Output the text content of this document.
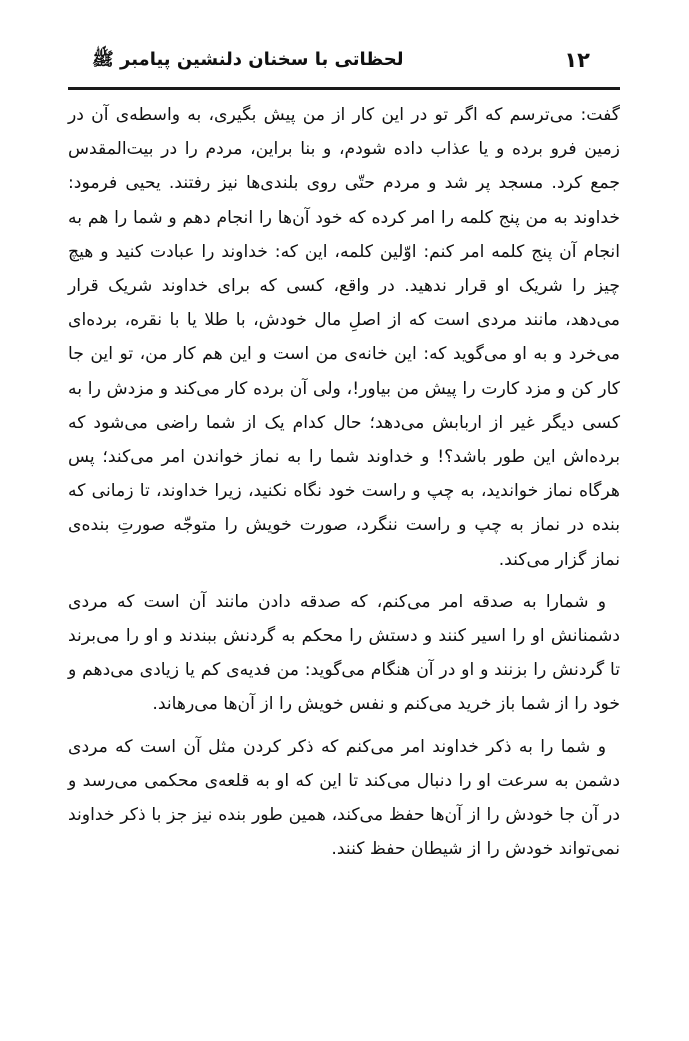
۱۲
لحظاتی با سخنان دلنشین پیامبر ﷺ

گفت: می‌ترسم که اگر تو در این کار از من پیش بگیری، به واسطه‌ی آن در زمین فرو برده و یا عذاب داده شودم، و بنا براین، مردم را در بیت‌المقدس جمع کرد. مسجد پر شد و مردم حتّی روی بلندی‌ها نیز رفتند. یحیی فرمود: خداوند به من پنج کلمه را امر کرده که خود آن‌ها را انجام دهم و شما را هم به انجام آن پنج کلمه امر کنم: اوّلین کلمه، این که: خداوند را عبادت کنید و هیچ چیز را شریک او قرار ندهید. در واقع، کسی که برای خداوند شریک قرار می‌دهد، مانند مردی است که از اصلِ مال خودش، با طلا یا با نقره، برده‌ای می‌خرد و به او می‌گوید که: این خانه‌ی من است و این هم کار من، تو این جا کار کن و مزد کارت را پیش من بیاور!، ولی آن برده کار می‌کند و مزدش را به کسی دیگر غیر از اربابش می‌دهد؛ حال کدام یک از شما راضی می‌شود که برده‌اش این طور باشد؟! و خداوند شما را به نماز خواندن امر می‌کند؛ پس هرگاه نماز خواندید، به چپ و راست خود نگاه نکنید، زیرا خداوند، تا زمانی که بنده در نماز به چپ و راست ننگرد، صورت خویش را متوجّه صورتِ بنده‌ی نماز گزار می‌کند.

و شمارا به صدقه امر می‌کنم، که صدقه دادن مانند آن است که مردی دشمنانش او را اسیر کنند و دستش را محکم به گردنش ببندند و او را می‌برند تا گردنش را بزنند و او در آن هنگام می‌گوید: من فدیه‌ی کم یا زیادی می‌دهم و خود را از شما باز خرید می‌کنم و نفس خویش را از آن‌ها می‌رهاند.

و شما را به ذکر خداوند امر می‌کنم که ذکر کردن مثل آن است که مردی دشمن به سرعت او را دنبال می‌کند تا این که او به قلعه‌ی محکمی می‌رسد و در آن جا خودش را از آن‌ها حفظ می‌کند، همین طور بنده نیز جز با ذکر خداوند نمی‌تواند خودش را از شیطان حفظ کنند.
